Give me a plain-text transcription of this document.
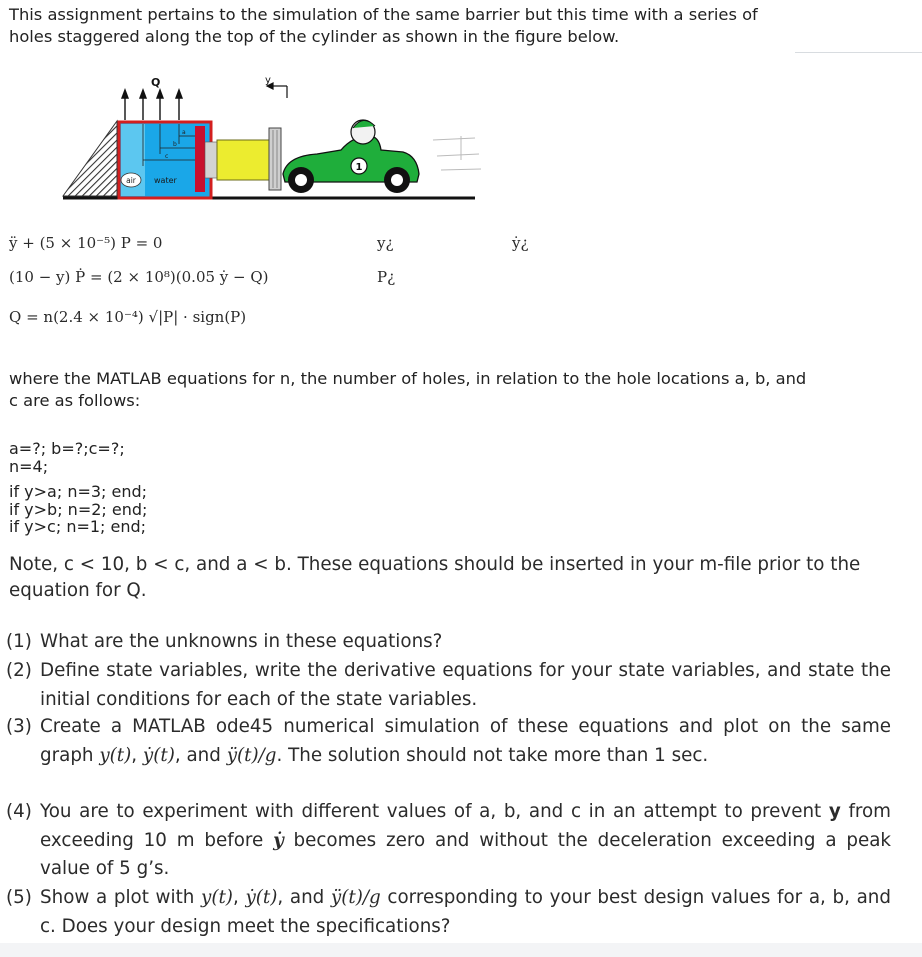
This assignment pertains to the simulation of the same barrier but this time with a series of holes staggered along the top of the cylinder as shown in the figure below.

Q
a
b
c
air water
y
1
ÿ + (5 × 10⁻⁵) P = 0
(10 − y) Ṗ = (2 × 10⁸)(0.05 ẏ − Q)
Q = n(2.4 × 10⁻⁴) √|P| · sign(P)
y¿
P¿
ẏ¿

where the MATLAB equations for n, the number of holes, in relation to the hole locations a, b, and c are as follows:

a=?; b=?;c=?;
n=4;
if y>a; n=3; end;
if y>b; n=2; end;
if y>c; n=1; end;

Note, c < 10, b < c, and a < b. These equations should be inserted in your m-file prior to the equation for Q.

(1) What are the unknowns in these equations?
(2) Define state variables, write the derivative equations for your state variables, and state the initial conditions for each of the state variables.
(3) Create a MATLAB ode45 numerical simulation of these equations and plot on the same graph y(t), ẏ(t), and ÿ(t)/g. The solution should not take more than 1 sec.
(4) You are to experiment with different values of a, b, and c in an attempt to prevent y from exceeding 10 m before ẏ becomes zero and without the deceleration exceeding a peak value of 5 g’s.
(5) Show a plot with y(t), ẏ(t), and ÿ(t)/g corresponding to your best design values for a, b, and c. Does your design meet the specifications?
